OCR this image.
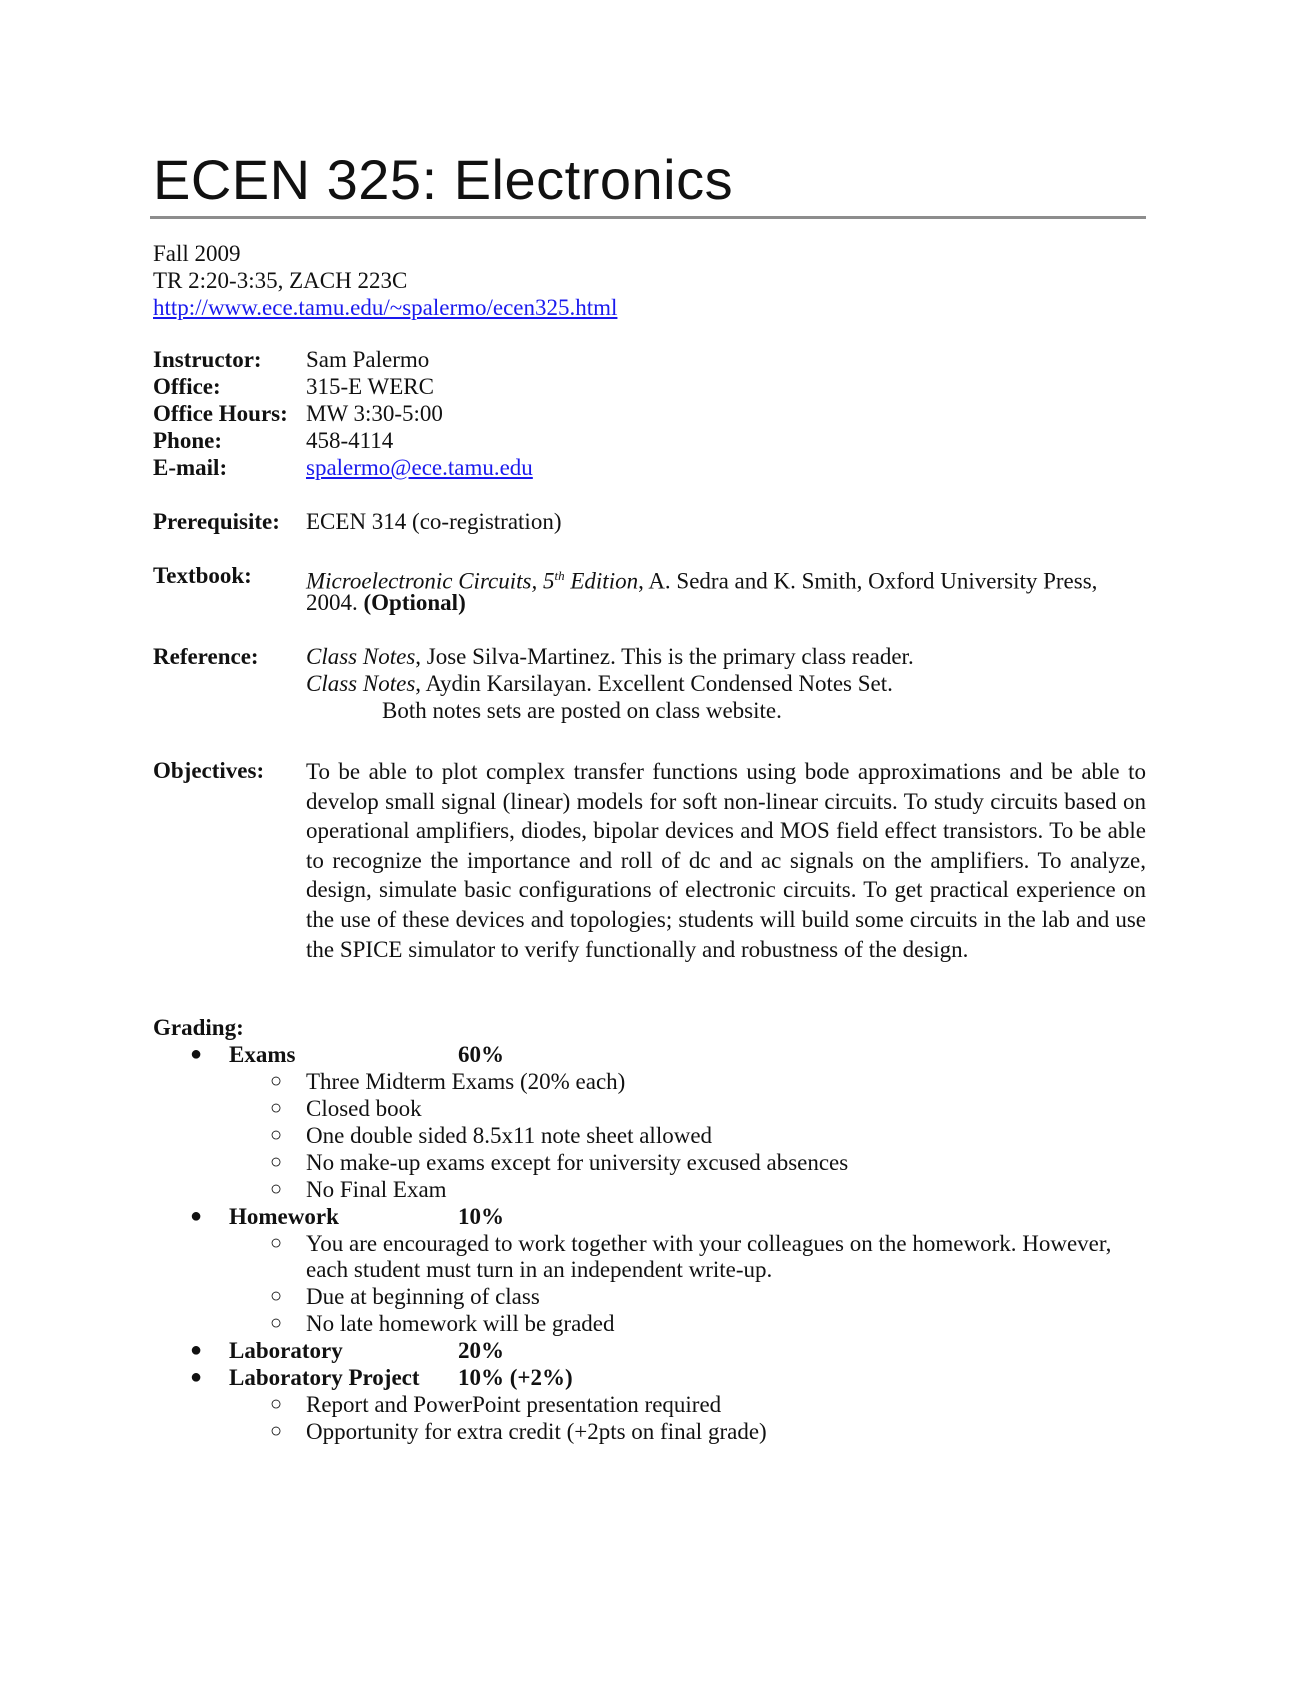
ECEN 325: Electronics
Fall 2009
TR 2:20-3:35, ZACH 223C
http://www.ece.tamu.edu/~spalermo/ecen325.html
Instructor: Sam Palermo
Office:	315-E WERC
Office Hours: MW 3:30-5:00
Phone:	458-4114
E-mail:	spalermo@ece.tamu.edu
Prerequisite: ECEN 314 (co-registration)
Textbook: Microelectronic Circuits, 5th Edition, A. Sedra and K. Smith, Oxford University Press,
2004. (Optional)
Reference: Class Notes, Jose Silva-Martinez. This is the primary class reader.
Class Notes, Aydin Karsilayan. Excellent Condensed Notes Set.
Both notes sets are posted on class website.
Objectives: To be able to plot complex transfer functions using bode approximations and be able to develop small signal (linear) models for soft non-linear circuits. To study circuits based on operational amplifiers, diodes, bipolar devices and MOS field effect transistors. To be able to recognize the importance and roll of dc and ac signals on the amplifiers. To analyze, design, simulate basic configurations of electronic circuits. To get practical experience on the use of these devices and topologies; students will build some circuits in the lab and use the SPICE simulator to verify functionally and robustness of the design.
Grading:
● Exams	60%
○ Three Midterm Exams (20% each)
○ Closed book
○ One double sided 8.5x11 note sheet allowed
○ No make-up exams except for university excused absences
○ No Final Exam
● Homework	10%
○ You are encouraged to work together with your colleagues on the homework. However,
each student must turn in an independent write-up.
○ Due at beginning of class
○ No late homework will be graded
● Laboratory	20%
● Laboratory Project 10% (+2%)
○ Report and PowerPoint presentation required
○ Opportunity for extra credit (+2pts on final grade)
